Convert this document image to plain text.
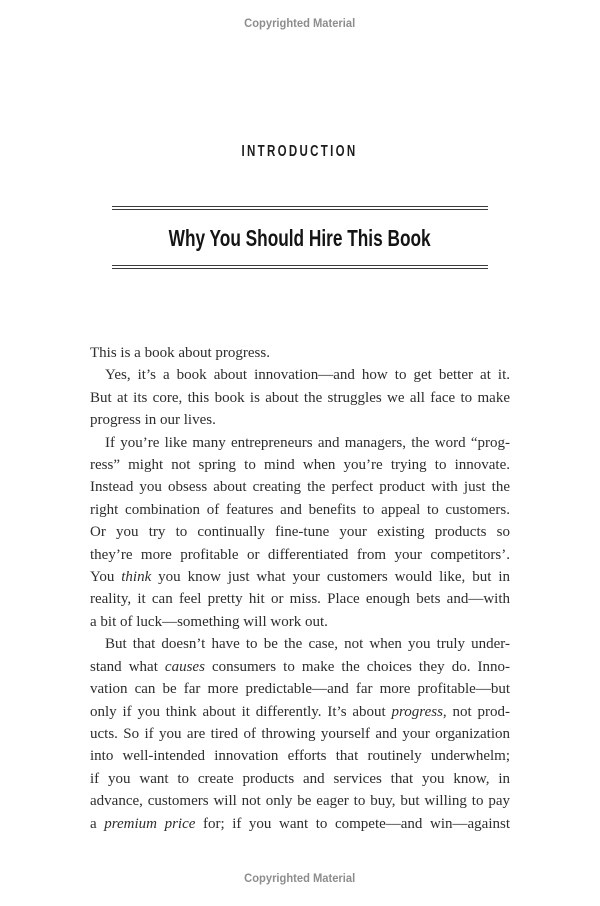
Copyrighted Material
INTRODUCTION
Why You Should Hire This Book
This is a book about progress.
Yes, it’s a book about innovation—and how to get better at it.
But at its core, this book is about the struggles we all face to make
progress in our lives.
If you’re like many entrepreneurs and managers, the word “prog-
ress” might not spring to mind when you’re trying to innovate.
Instead you obsess about creating the perfect product with just the
right combination of features and benefits to appeal to customers.
Or you try to continually fine-tune your existing products so
they’re more profitable or differentiated from your competitors’.
You think you know just what your customers would like, but in
reality, it can feel pretty hit or miss. Place enough bets and—with
a bit of luck—something will work out.
But that doesn’t have to be the case, not when you truly under-
stand what causes consumers to make the choices they do. Inno-
vation can be far more predictable—and far more profitable—but
only if you think about it differently. It’s about progress, not prod-
ucts. So if you are tired of throwing yourself and your organization
into well-intended innovation efforts that routinely underwhelm;
if you want to create products and services that you know, in
advance, customers will not only be eager to buy, but willing to pay
a premium price for; if you want to compete—and win—against
Copyrighted Material
